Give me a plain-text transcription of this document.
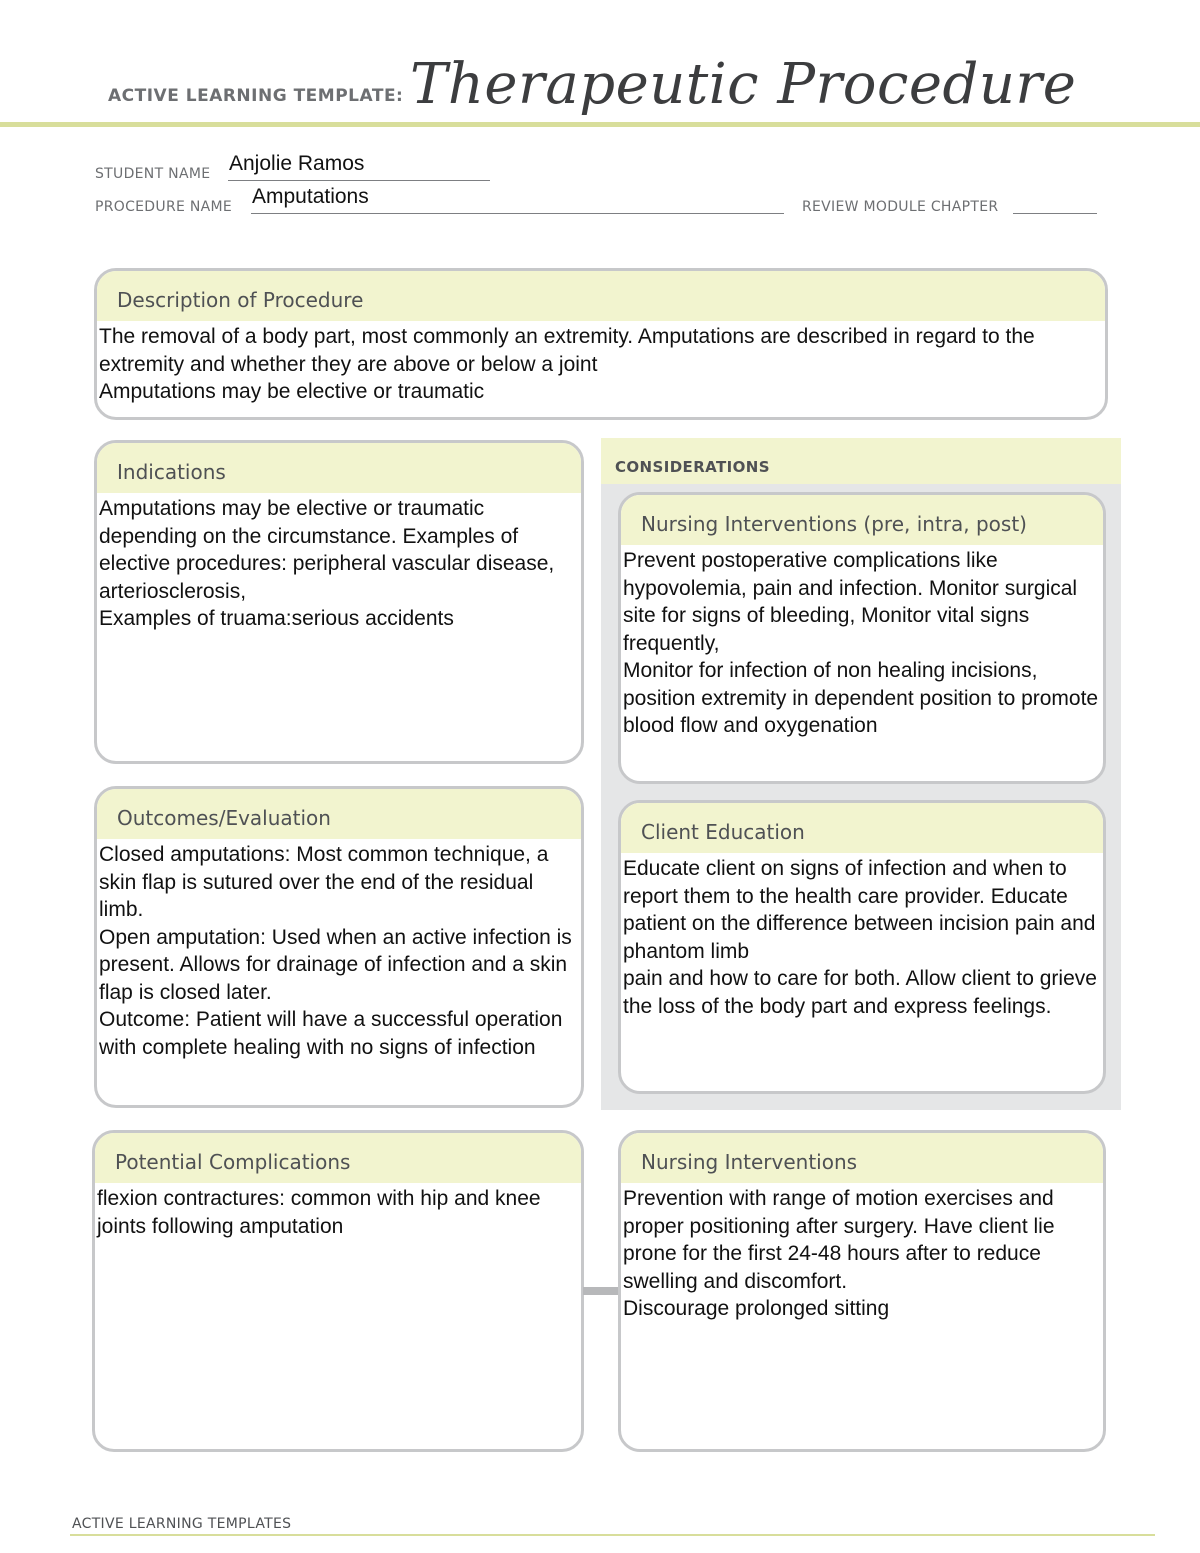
ACTIVE LEARNING TEMPLATE: Therapeutic Procedure
STUDENT NAME Anjolie Ramos
PROCEDURE NAME Amputations	REVIEW MODULE CHAPTER
Description of Procedure
The removal of a body part, most commonly an extremity. Amputations are described in regard to the extremity and whether they are above or below a joint
Amputations may be elective or traumatic
CONSIDERATIONS
Indications
Amputations may be elective or traumatic depending on the circumstance. Examples of elective procedures: peripheral vascular disease, arteriosclerosis,
Examples of truama:serious accidents
Nursing Interventions (pre, intra, post)
Prevent postoperative complications like hypovolemia, pain and infection. Monitor surgical site for signs of bleeding, Monitor vital signs frequently,
Monitor for infection of non healing incisions, position extremity in dependent position to promote blood flow and oxygenation
Outcomes/Evaluation
Closed amputations: Most common technique, a skin flap is sutured over the end of the residual limb.
Open amputation: Used when an active infection is present. Allows for drainage of infection and a skin flap is closed later.
Outcome: Patient will have a successful operation with complete healing with no signs of infection
Client Education
Educate client on signs of infection and when to report them to the health care provider. Educate patient on the difference between incision pain and phantom limb
pain and how to care for both. Allow client to grieve the loss of the body part and express feelings.
Potential Complications
flexion contractures: common with hip and knee joints following amputation
Nursing Interventions
Prevention with range of motion exercises and proper positioning after surgery. Have client lie prone for the first 24-48 hours after to reduce swelling and discomfort.
Discourage prolonged sitting
ACTIVE LEARNING TEMPLATES
